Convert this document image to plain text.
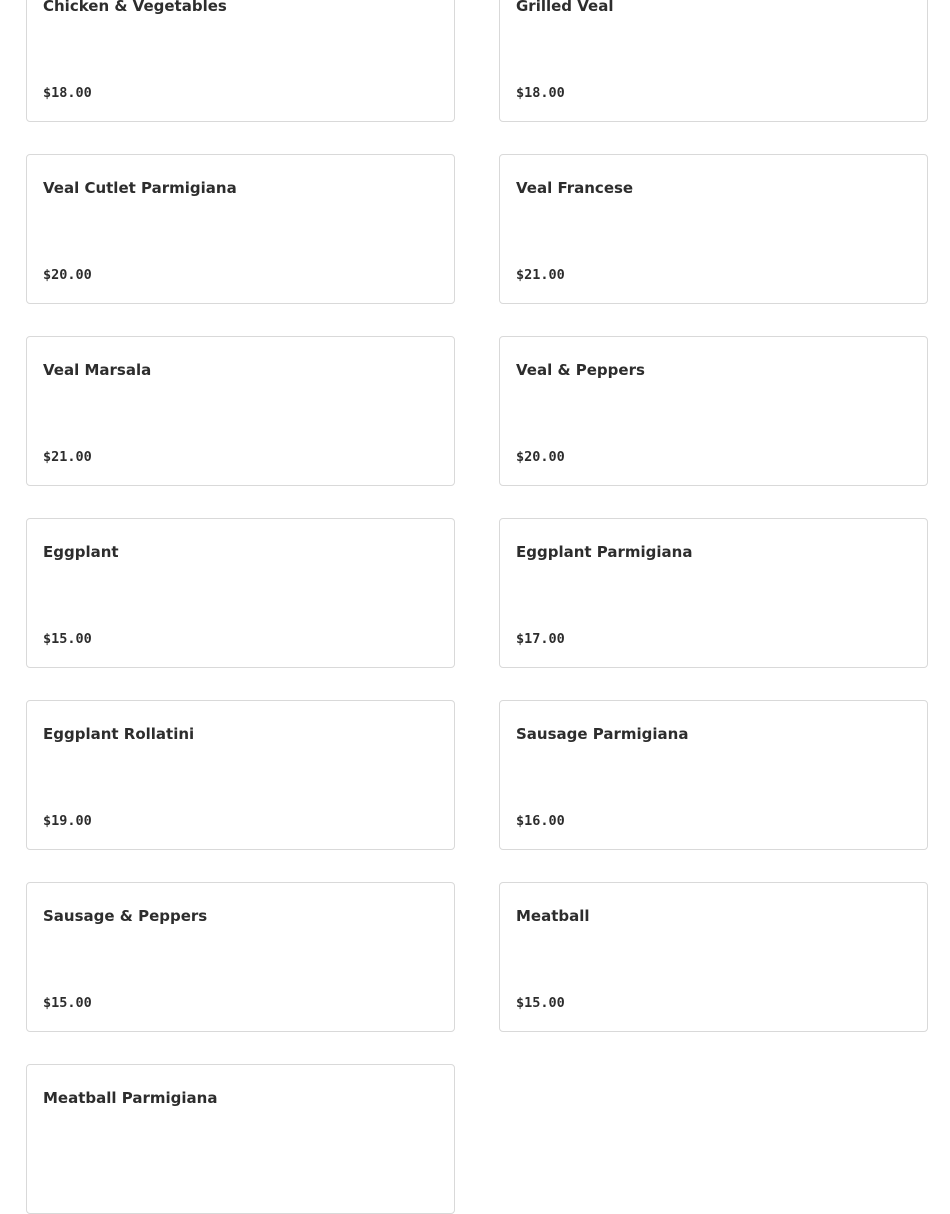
Chicken & Vegetables
$18.00
Grilled Veal
$18.00
Veal Cutlet Parmigiana
$20.00
Veal Francese
$21.00
Veal Marsala
$21.00
Veal & Peppers
$20.00
Eggplant
$15.00
Eggplant Parmigiana
$17.00
Eggplant Rollatini
$19.00
Sausage Parmigiana
$16.00
Sausage & Peppers
$15.00
Meatball
$15.00
Meatball Parmigiana
